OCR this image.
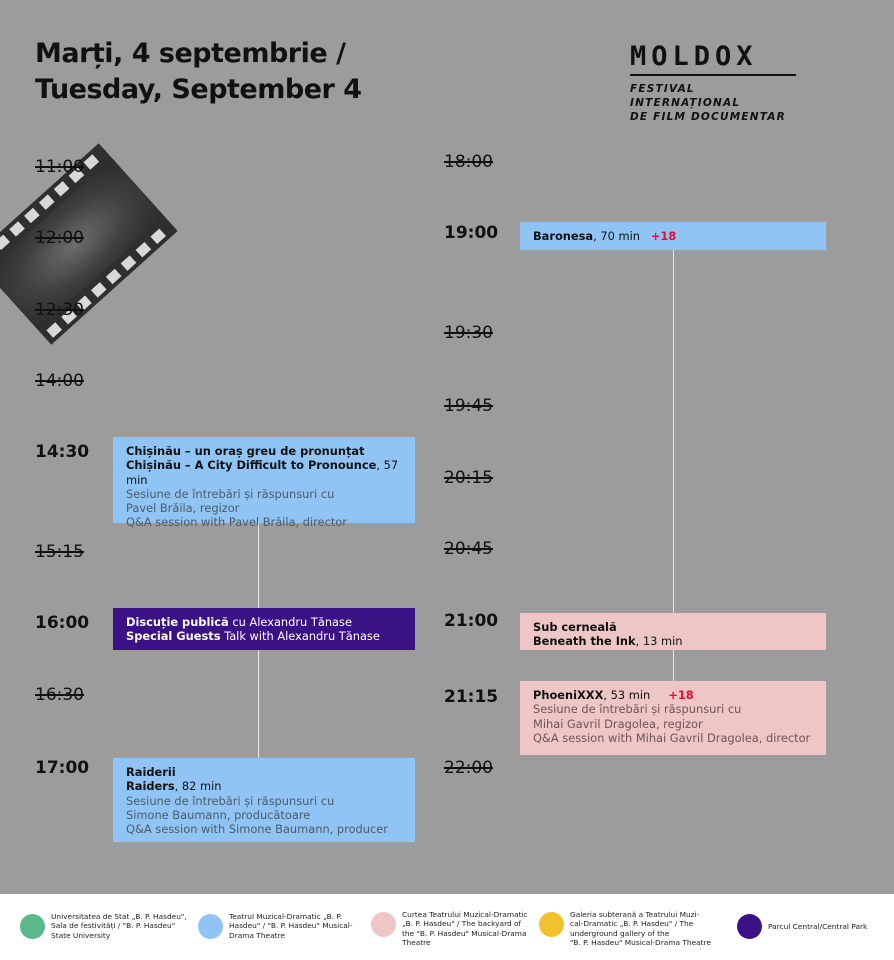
Marți, 4 septembrie /
Tuesday, September 4
MOLDOX
FESTIVAL INTERNAȚIONAL
DE FILM DOCUMENTAR
11:00
12:00
12:30
14:00
14:30
15:15
16:00
16:30
17:00
18:00
19:00
19:30
19:45
20:15
20:45
21:00
21:15
22:00
Chișinău – un oraș greu de pronunțat
Chișinău – A City Difficult to Pronounce, 57 min
Sesiune de întrebări și răspunsuri cu
Pavel Brăila, regizor
Q&A session with Pavel Brăila, director
Discuție publică cu Alexandru Tănase
Special Guests Talk with Alexandru Tănase
Raiderii
Raiders, 82 min
Sesiune de întrebări și răspunsuri cu
Simone Baumann, producătoare
Q&A session with Simone Baumann, producer
Baronesa, 70 min +18
Sub cerneală
Beneath the Ink, 13 min
PhoeniXXX, 53 min +18
Sesiune de întrebări și răspunsuri cu
Mihai Gavril Dragolea, regizor
Q&A session with Mihai Gavril Dragolea, director
Universitatea de Stat „B. P. Hasdeu",
Sala de festivități / "B. P. Hasdeu"
State University
Teatrul Muzical-Dramatic „B. P.
Hasdeu" / "B. P. Hasdeu" Musical-
Drama Theatre
Curtea Teatrului Muzical-Dramatic
„B. P. Hasdeu" / The backyard of
the "B. P. Hasdeu" Musical-Drama
Theatre
Galeria subterană a Teatrului Muzi-
cal-Dramatic „B. P. Hasdeu" / The
underground gallery of the
"B. P. Hasdeu" Musical-Drama Theatre
Parcul Central/Central Park
